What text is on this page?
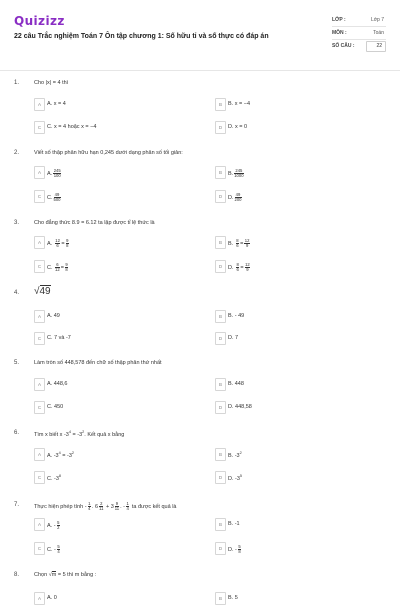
Quizizz
22 câu Trắc nghiệm Toán 7 Ôn tập chương 1: Số hữu tỉ và số thực có đáp án
LỚP :	Lớp 7
MÔN :	Toán
SỐ CÂU :	22
1.	Cho |x| = 4 thì
A	A. x = 4	B	B. x = −4
C	C. x = 4 hoặc x = −4	D	D. x = 0
2.	Viết số thập phân hữu hạn 0,245 dưới dạng phân số tối giản:
A	A. $\frac{245}{100}$	B	B. $\frac{245}{1000}$
C	C. $\frac{49}{500}$	D	D. $\frac{49}{200}$
3.	Cho đẳng thức 8.9 = 6.12 ta lập được tỉ lệ thức là
A	A. $\frac{12}{6} = \frac{9}{8}$	B	B. $\frac{8}{6} = \frac{12}{9}$
C	C. $\frac{6}{12} = \frac{9}{8}$	D	D. $\frac{8}{6} = \frac{12}{9}$
4. √49
A	A. 49	B	B. - 49
C	C. 7 và -7	D	D. 7
5.	Làm tròn số 448,578 đến chữ số thập phân thứ nhất
A	A. 448,6	B	B. 448
C	C. 450	D	D. 448,58
6.	Tìm x biết x $-3^4 = -3^2$. Kết quả x bằng
A	A. $-3^4 = -3^2$	B	B. $-3^2$
C	C. $-3^8$	D	D. $-3^5$
7.	Thực hiện phép tính - $\frac{1}{4}$ . $6 \frac{2}{11} + 3 \frac{9}{11}$ . - $\frac{1}{4}$ ta được kết quả là
A	A. - $\frac{5}{2}$	B	B. -1
C	C. - $\frac{5}{4}$	D	D. - $\frac{5}{8}$
8.	Chọn √m = 5 thì m bằng :
A	A. 0	B	B. 5
